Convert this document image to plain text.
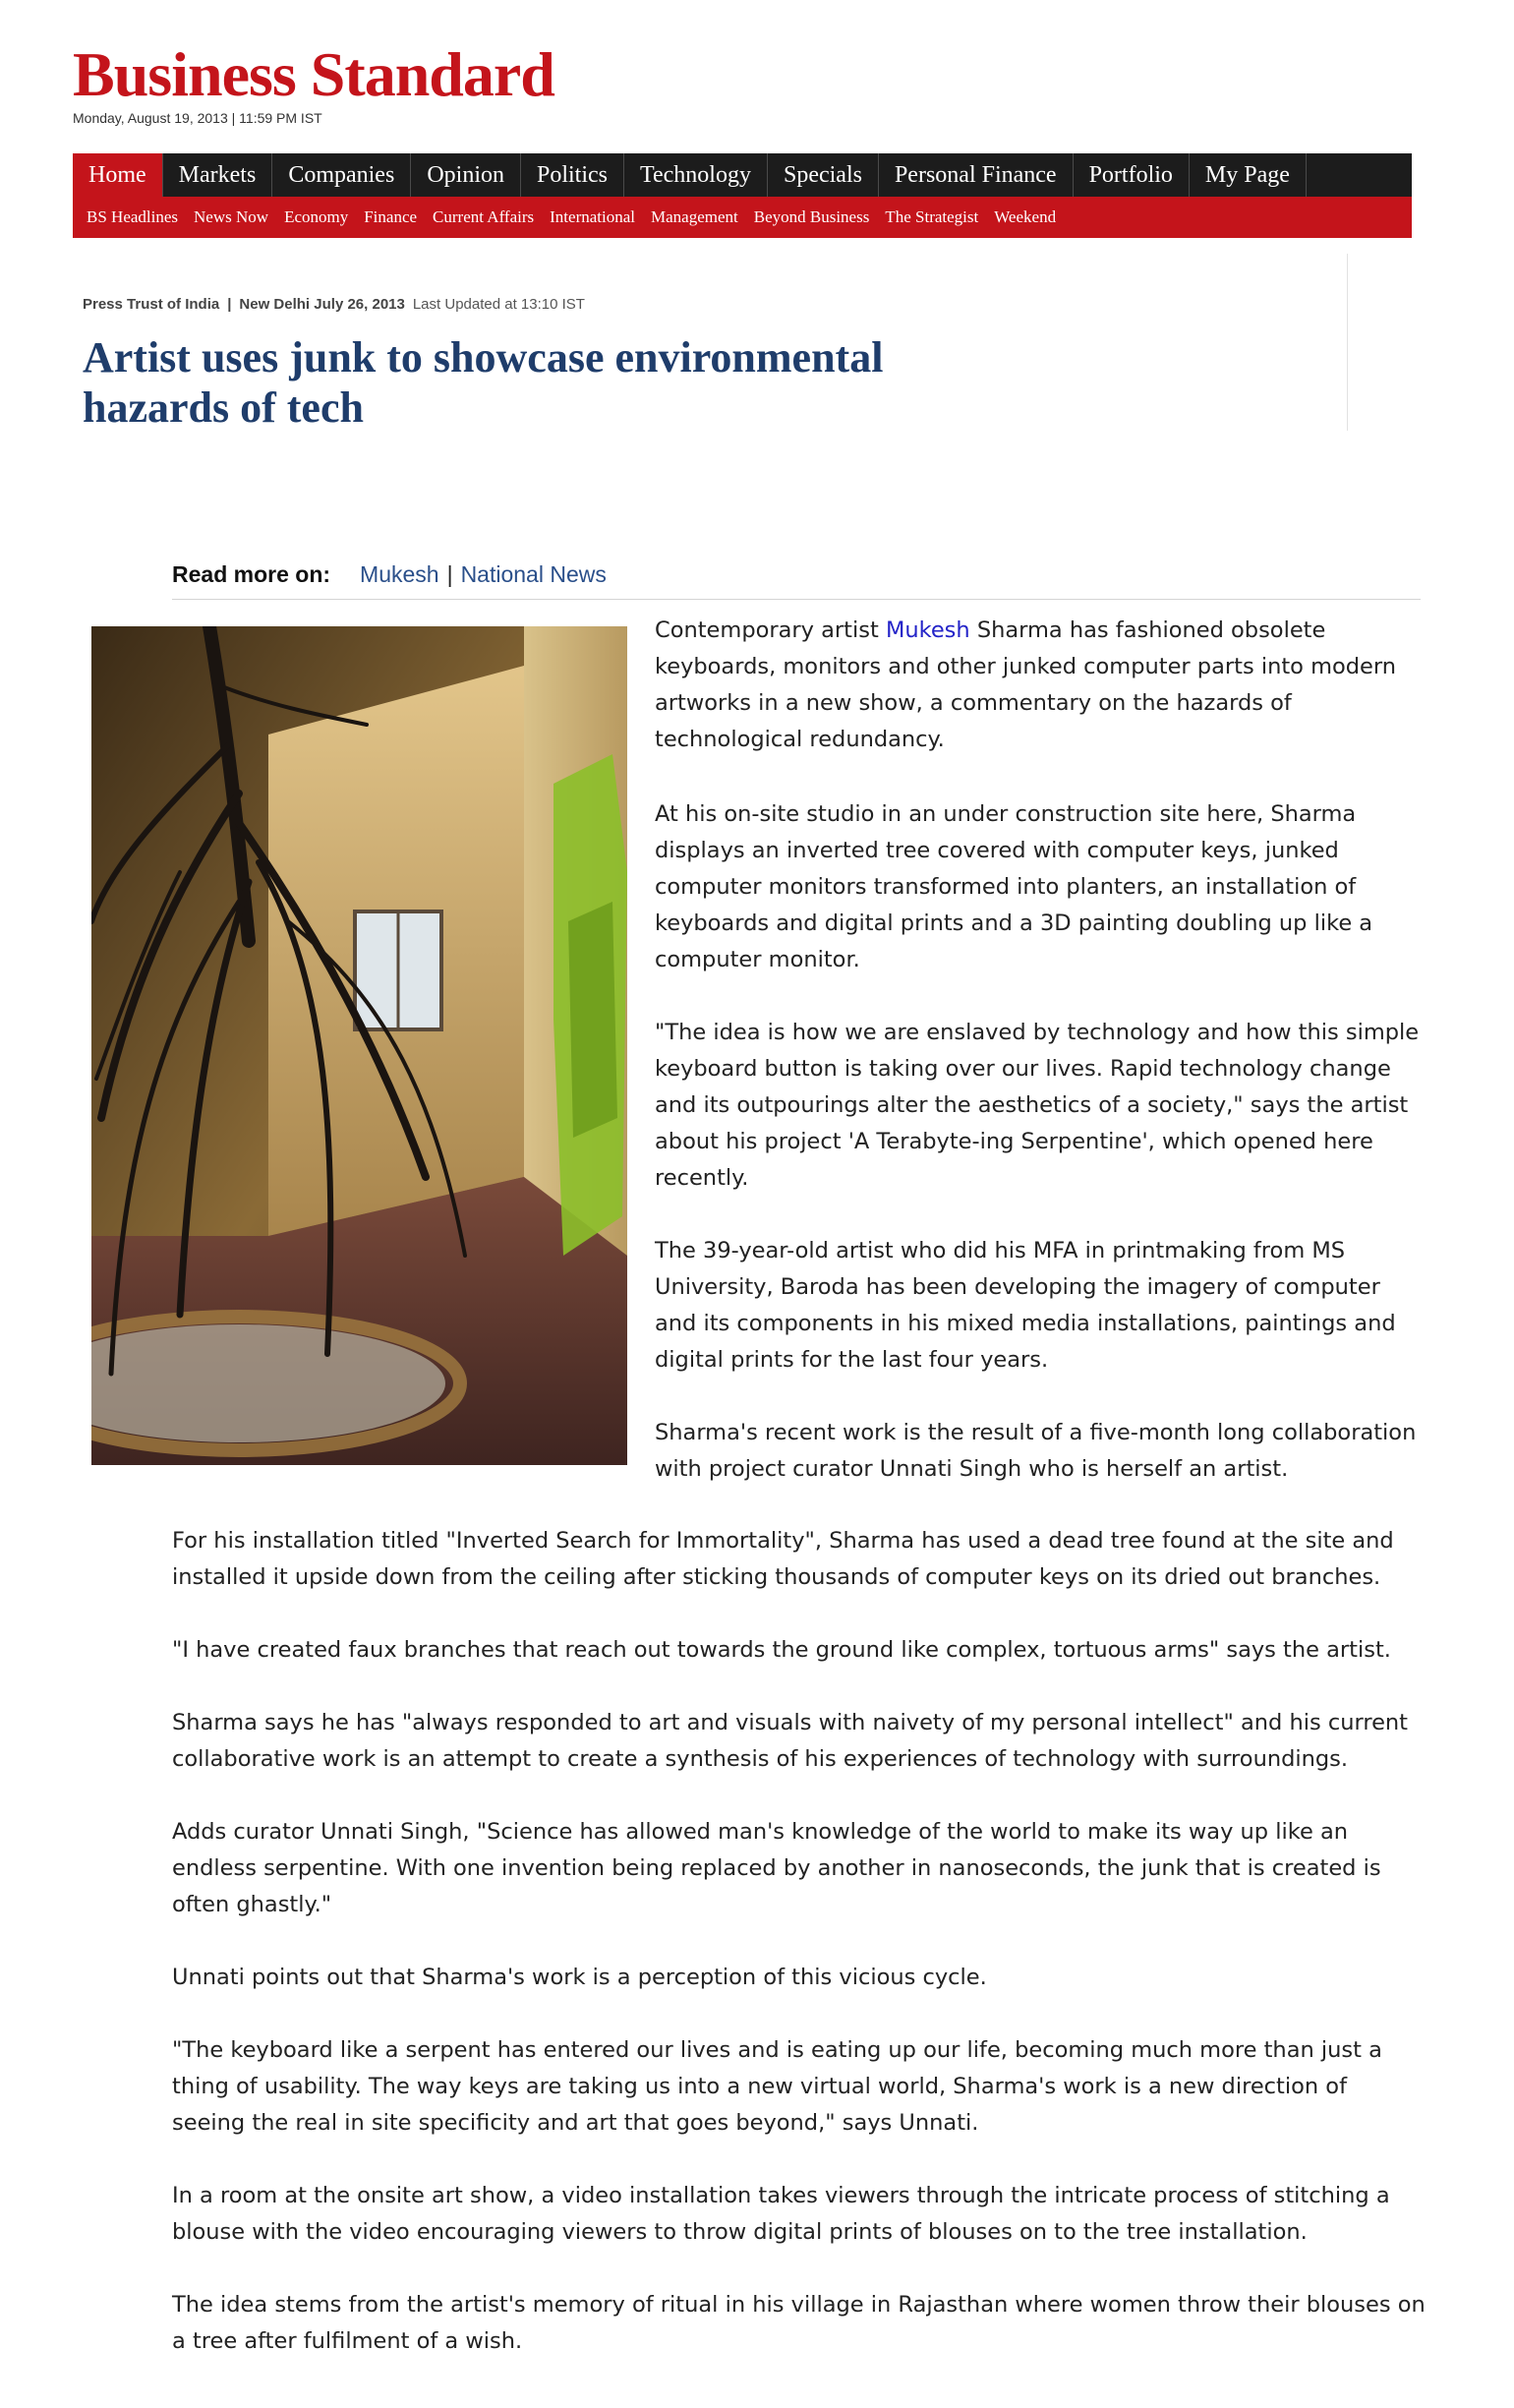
Business Standard
Monday, August 19, 2013 | 11:59 PM IST
Home	Markets	Companies	Opinion	Politics	Technology	Specials	Personal Finance	Portfolio	My Page
BS Headlines News Now Economy Finance Current Affairs International Management Beyond Business The Strategist Weekend
Press Trust of India | New Delhi July 26, 2013 Last Updated at 13:10 IST
Artist uses junk to showcase environmental hazards of tech
Read more on: Mukesh | National News

Contemporary artist Mukesh Sharma has fashioned obsolete keyboards, monitors and other junked computer parts into modern artworks in a new show, a commentary on the hazards of technological redundancy.

At his on-site studio in an under construction site here, Sharma displays an inverted tree covered with computer keys, junked computer monitors transformed into planters, an installation of keyboards and digital prints and a 3D painting doubling up like a computer monitor.

"The idea is how we are enslaved by technology and how this simple keyboard button is taking over our lives. Rapid technology change and its outpourings alter the aesthetics of a society," says the artist about his project 'A Terabyte-ing Serpentine', which opened here recently.

The 39-year-old artist who did his MFA in printmaking from MS University, Baroda has been developing the imagery of computer and its components in his mixed media installations, paintings and digital prints for the last four years.

Sharma's recent work is the result of a five-month long collaboration with project curator Unnati Singh who is herself an artist.

For his installation titled "Inverted Search for Immortality", Sharma has used a dead tree found at the site and installed it upside down from the ceiling after sticking thousands of computer keys on its dried out branches.

"I have created faux branches that reach out towards the ground like complex, tortuous arms" says the artist.

Sharma says he has "always responded to art and visuals with naivety of my personal intellect" and his current collaborative work is an attempt to create a synthesis of his experiences of technology with surroundings.

Adds curator Unnati Singh, "Science has allowed man's knowledge of the world to make its way up like an endless serpentine. With one invention being replaced by another in nanoseconds, the junk that is created is often ghastly."

Unnati points out that Sharma's work is a perception of this vicious cycle.

"The keyboard like a serpent has entered our lives and is eating up our life, becoming much more than just a thing of usability. The way keys are taking us into a new virtual world, Sharma's work is a new direction of seeing the real in site specificity and art that goes beyond," says Unnati.

In a room at the onsite art show, a video installation takes viewers through the intricate process of stitching a blouse with the video encouraging viewers to throw digital prints of blouses on to the tree installation.

The idea stems from the artist's memory of ritual in his village in Rajasthan where women throw their blouses on a tree after fulfilment of a wish.
